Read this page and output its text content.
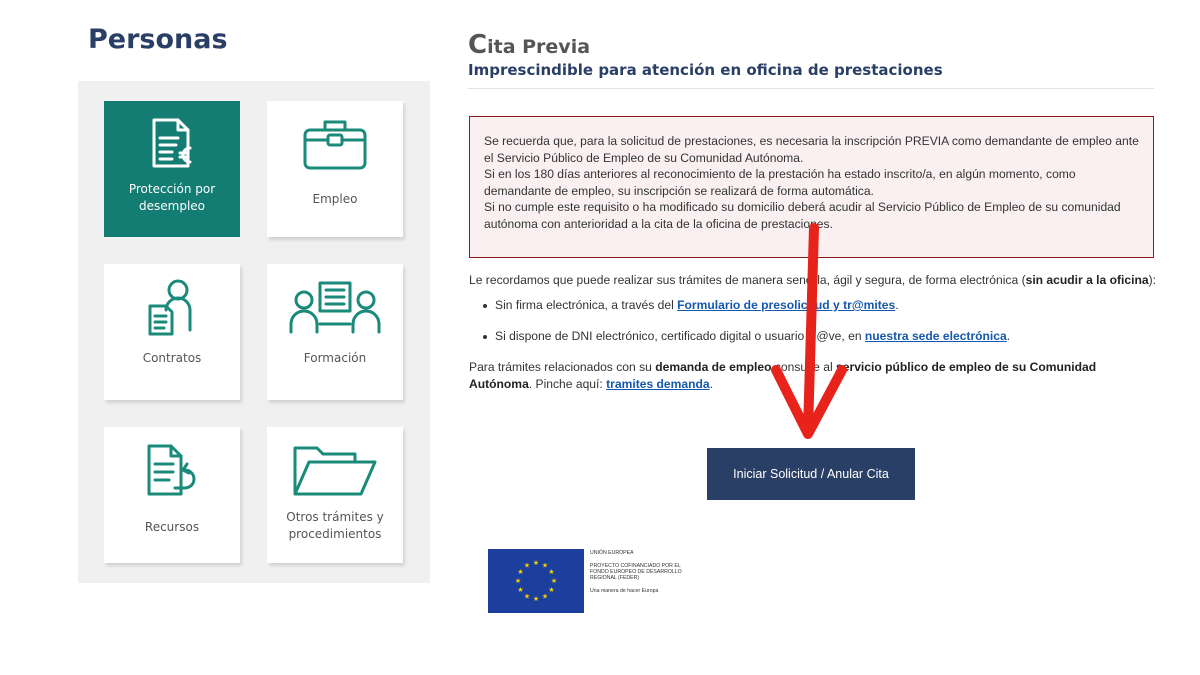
Personas
Protección por desempleo	Empleo
Contratos	Formación
Recursos
Otros trámites y procedimientos
Cita Previa
Imprescindible para atención en oficina de prestaciones

Se recuerda que, para la solicitud de prestaciones, es necesaria la inscripción PREVIA como demandante de empleo ante el Servicio Público de Empleo de su Comunidad Autónoma.

Si en los 180 días anteriores al reconocimiento de la prestación ha estado inscrito/a, en algún momento, como demandante de empleo, su inscripción se realizará de forma automática.

Si no cumple este requisito o ha modificado su domicilio deberá acudir al Servicio Público de Empleo de su comunidad autónoma con anterioridad a la cita de la oficina de prestaciones.

Le recordamos que puede realizar sus trámites de manera sencilla, ágil y segura, de forma electrónica (sin acudir a la oficina):

Sin firma electrónica, a través del Formulario de presolicitud y tr@mites.
Si dispone de DNI electrónico, certificado digital o usuario cl@ve, en nuestra sede electrónica.

Para trámites relacionados con su demanda de empleo consulte al servicio público de empleo de su Comunidad Autónoma. Pinche aquí: tramites demanda.

Iniciar Solicitud / Anular Cita
★ ★
★
★
★
★
★
★
★
★
★
★
UNIÓN EUROPEA
PROYECTO COFINANCIADO POR EL FONDO EUROPEO DE DESARROLLO REGIONAL (FEDER)
Una manera de hacer Europa
